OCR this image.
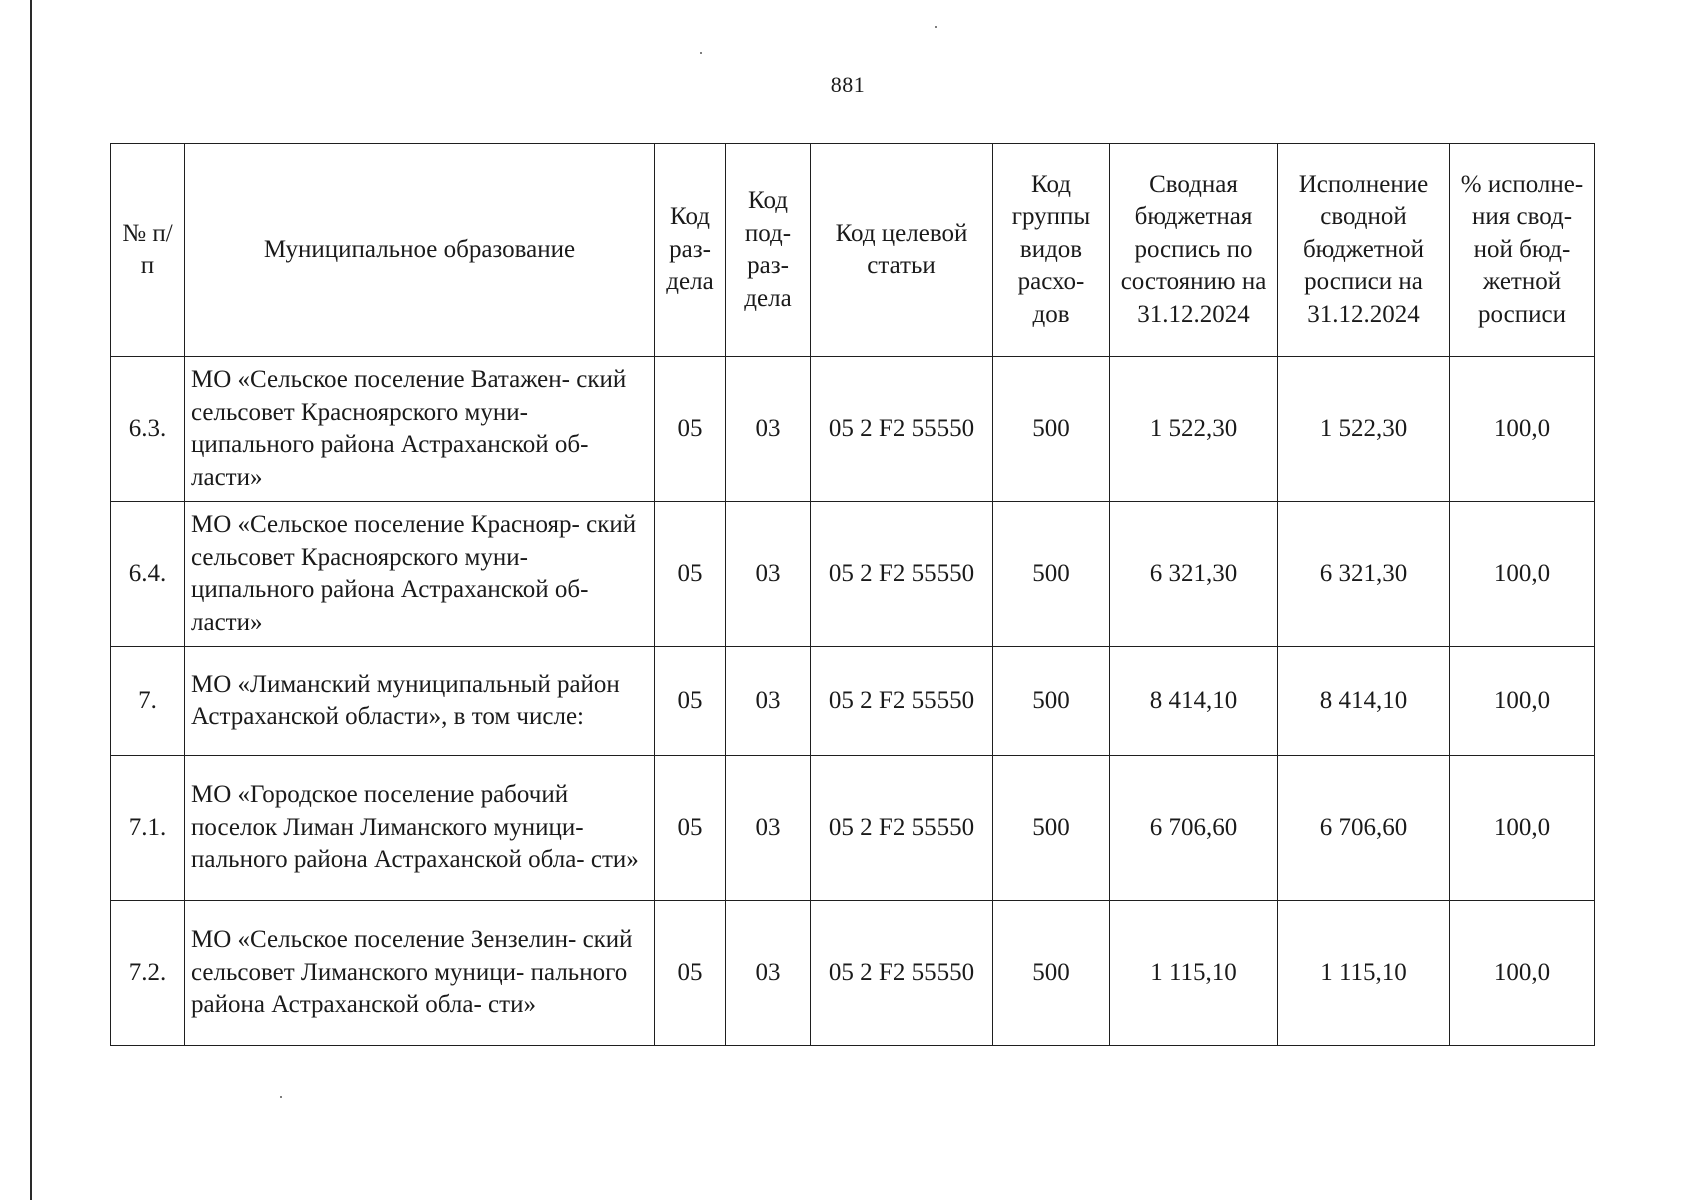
881
№ п/п	Муниципальное образование	Код раз- дела	Код под- раз- дела	Код целевой статьи	Код группы видов расхо- дов	Сводная бюджетная роспись по состоянию на 31.12.2024	Исполнение сводной бюджетной росписи на 31.12.2024	% исполне- ния свод- ной бюд- жетной росписи
6.3.	МО «Сельское поселение Ватажен- ский сельсовет Красноярского муни- ципального района Астраханской об- ласти»	05	03	05 2 F2 55550	500	1 522,30	1 522,30	100,0
6.4.	МО «Сельское поселение Краснояр- ский сельсовет Красноярского муни- ципального района Астраханской об- ласти»	05	03	05 2 F2 55550	500	6 321,30	6 321,30	100,0
7.	МО «Лиманский муниципальный район Астраханской области», в том числе:	05	03	05 2 F2 55550	500	8 414,10	8 414,10	100,0
7.1.	МО «Городское поселение рабочий поселок Лиман Лиманского муници- пального района Астраханской обла- сти»	05	03	05 2 F2 55550	500	6 706,60	6 706,60	100,0
7.2.	МО «Сельское поселение Зензелин- ский сельсовет Лиманского муници- пального района Астраханской обла- сти»	05	03	05 2 F2 55550	500	1 115,10	1 115,10	100,0
